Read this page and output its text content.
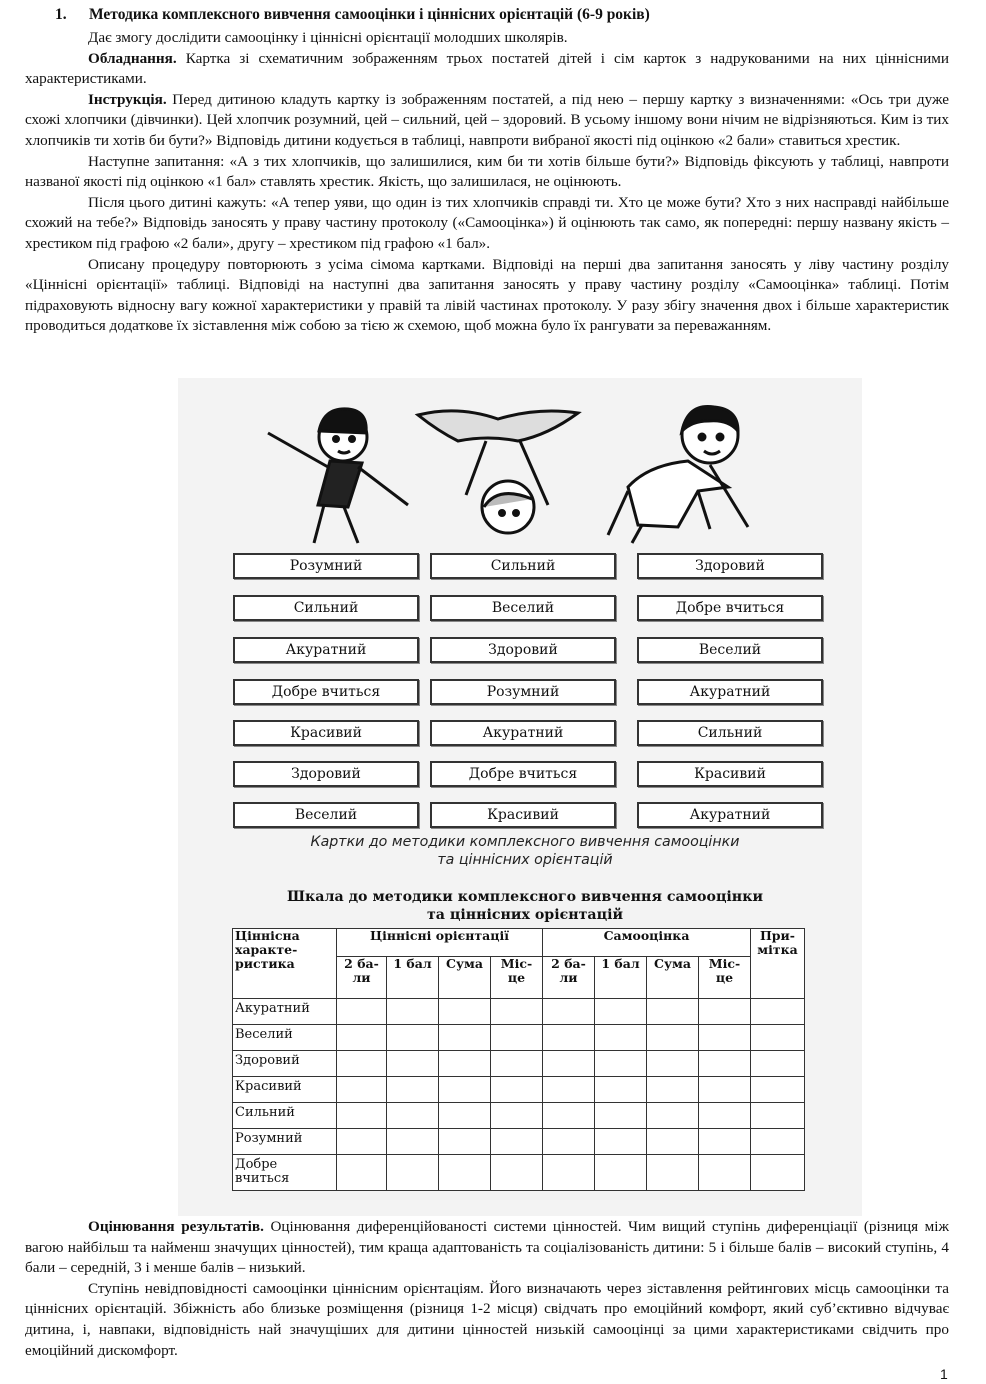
1. Методика комплексного вивчення самооцінки і ціннісних орієнтацій (6-9 років)

Дає змогу дослідити самооцінку і ціннісні орієнтації молодших школярів.

Обладнання. Картка зі схематичним зображенням трьох постатей дітей і сім карток з надрукованими на них ціннісними характеристиками.

Інструкція. Перед дитиною кладуть картку із зображенням постатей, а під нею – першу картку з визначеннями: «Ось три дуже схожі хлопчики (дівчинки). Цей хлопчик розумний, цей – сильний, цей – здоровий. В усьому іншому вони нічим не відрізняються. Ким із тих хлопчиків ти хотів би бути?» Відповідь дитини кодується в таблиці, навпроти вибраної якості під оцінкою «2 бали» ставиться хрестик.

Наступне запитання: «А з тих хлопчиків, що залишилися, ким би ти хотів більше бути?» Відповідь фіксують у таблиці, навпроти названої якості під оцінкою «1 бал» ставлять хрестик. Якість, що залишилася, не оцінюють.

Після цього дитині кажуть: «А тепер уяви, що один із тих хлопчиків справді ти. Хто це може бути? Хто з них насправді найбільше схожий на тебе?» Відповідь заносять у праву частину протоколу («Самооцінка») й оцінюють так само, як попередні: першу названу якість – хрестиком під графою «2 бали», другу – хрестиком під графою «1 бал».

Описану процедуру повторюють з усіма сімома картками. Відповіді на перші два запитання заносять у ліву частину розділу «Ціннісні орієнтації» таблиці. Відповіді на наступні два запитання заносять у праву частину розділу «Самооцінка» таблиці. Потім підраховують відносну вагу кожної характеристики у правій та лівій частинах протоколу. У разу збігу значення двох і більше характеристик проводиться додаткове їх зіставлення між собою за тією ж схемою, щоб можна було їх рангувати за переважанням.

Розумний	Сильний	Здоровий
Сильний	Веселий	Добре вчиться
Акуратний	Здоровий	Веселий
Добре вчиться	Розумний	Акуратний
Красивий	Акуратний	Сильний
Здоровий	Добре вчиться	Красивий
Веселий	Красивий	Акуратний
Картки до методики комплексного вивчення самооцінки
та ціннісних орієнтацій
Шкала до методики комплексного вивчення самооцінки
та ціннісних орієнтацій
Ціннісна характе-ристика	Ціннісні орієнтації				Самооцінка				При-мітка
	2 ба-ли	1 бал	Сума	Міс-це	2 ба-ли	1 бал	Сума	Міс-це	
Акуратний									
Веселий									
Здоровий									
Красивий									
Сильний									
Розумний									
Добре вчиться									

Оцінювання результатів. Оцінювання диференційованості системи цінностей. Чим вищий ступінь диференціації (різниця між вагою найбільш та найменш значущих цінностей), тим краща адаптованість та соціалізованість дитини: 5 і більше балів – високий ступінь, 4 бали – середній, 3 і менше балів – низький.

Ступінь невідповідності самооцінки ціннісним орієнтаціям. Його визначають через зіставлення рейтингових місць самооцінки та ціннісних орієнтацій. Збіжність або близьке розміщення (різниця 1-2 місця) свідчать про емоційний комфорт, який суб’єктивно відчуває дитина, і, навпаки, відповідність най значущіших для дитини цінностей низькій самооцінці за цими характеристиками свідчить про емоційний дискомфорт.

1
